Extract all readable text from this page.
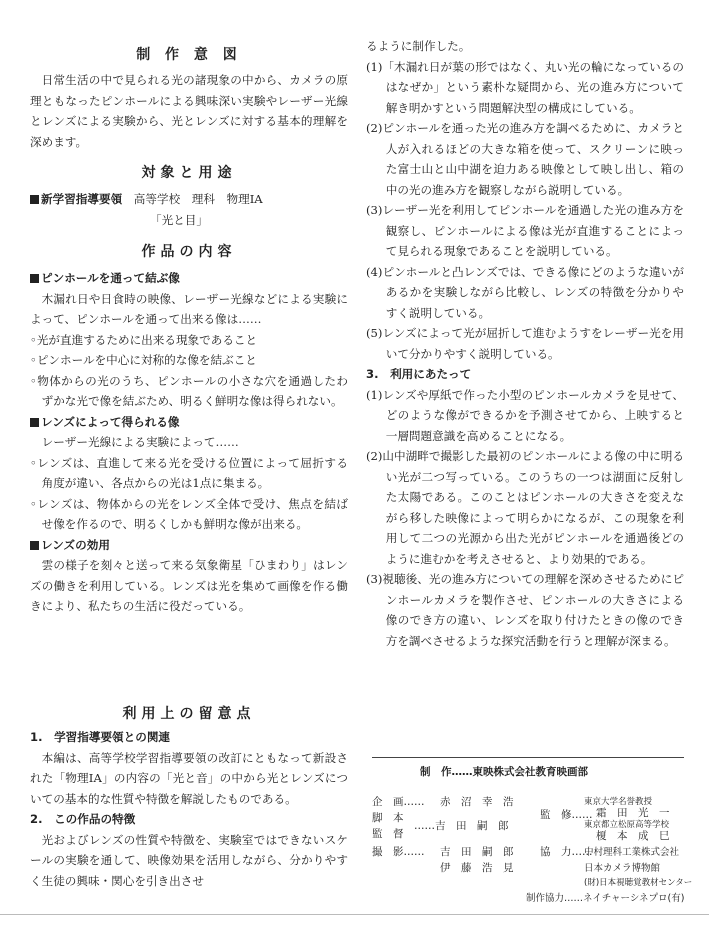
制 作 意 図

日常生活の中で見られる光の諸現象の中から、カメラの原理ともなったピンホールによる興味深い実験やレーザー光線とレンズによる実験から、光とレンズに対する基本的理解を深めます。

対象と用途

新学習指導要領　 高等学校　理科　物理ⅠA

「光と目」

作品の内容

ピンホールを通って結ぶ像

木漏れ日や日食時の映像、レーザー光線などによる実験によって、ピンホールを通って出来る像は……

◦光が直進するために出来る現象であること

◦ピンホールを中心に対称的な像を結ぶこと

◦物体からの光のうち、ピンホールの小さな穴を通過したわずかな光で像を結ぶため、明るく鮮明な像は得られない。

レンズによって得られる像

レーザー光線による実験によって……

◦レンズは、直進して来る光を受ける位置によって屈折する角度が違い、各点からの光は1点に集まる。

◦レンズは、物体からの光をレンズ全体で受け、焦点を結ばせ像を作るので、明るくしかも鮮明な像が出来る。

レンズの効用

雲の様子を刻々と送って来る気象衛星「ひまわり」はレンズの働きを利用している。レンズは光を集めて画像を作る働きにより、私たちの生活に役だっている。

利用上の留意点

1.　学習指導要領との関連

本編は、高等学校学習指導要領の改訂にともなって新設された「物理ⅠA」の内容の「光と音」の中から光とレンズについての基本的な性質や特徴を解説したものである。

2.　この作品の特徴

光およびレンズの性質や特徴を、実験室ではできないスケールの実験を通して、映像効果を活用しながら、分かりやすく生徒の興味・関心を引き出させ

るように制作した。

(1)「木漏れ日が葉の形ではなく、丸い光の輪になっているのはなぜか」という素朴な疑問から、光の進み方について解き明かすという問題解決型の構成にしている。

(2)ピンホールを通った光の進み方を調べるために、カメラと人が入れるほどの大きな箱を使って、スクリーンに映った富士山と山中湖を迫力ある映像として映し出し、箱の中の光の進み方を観察しながら説明している。

(3)レーザー光を利用してピンホールを通過した光の進み方を観察し、ピンホールによる像は光が直進することによって見られる現象であることを説明している。

(4)ピンホールと凸レンズでは、できる像にどのような違いがあるかを実験しながら比較し、レンズの特徴を分かりやすく説明している。

(5)レンズによって光が屈折して進むようすをレーザー光を用いて分かりやすく説明している。

3.　利用にあたって

(1)レンズや厚紙で作った小型のピンホールカメラを見せて、どのような像ができるかを予測させてから、上映すると一層問題意識を高めることになる。

(2)山中湖畔で撮影した最初のピンホールによる像の中に明るい光が二つ写っている。このうちの一つは湖面に反射した太陽である。このことはピンホールの大きさを変えながら移した映像によって明らかになるが、この現象を利用して二つの光源から出た光がピンホールを通過後どのように進むかを考えさせると、より効果的である。

(3)視聴後、光の進み方についての理解を深めさせるためにピンホールカメラを製作させ、ピンホールの大きさによる像のでき方の違い、レンズを取り付けたときの像のでき方を調べさせるような探究活動を行うと理解が深まる。

制　作……東映株式会社教育映画部
企　画…… 赤　沼　幸　浩
脚　本
監　督
……吉　田　嗣　郎
撮　影…… 吉　田　嗣　郎
伊　藤　浩　見
監　修……
東京大学名誉教授
霜　田　光　一
東京都立松原高等学校
榎　本　成　巳
協　力……
中村理科工業株式会社
日本カメラ博物館
(財)日本視聴覚教材センター
制作協力……ネイチャーシネプロ(有)
